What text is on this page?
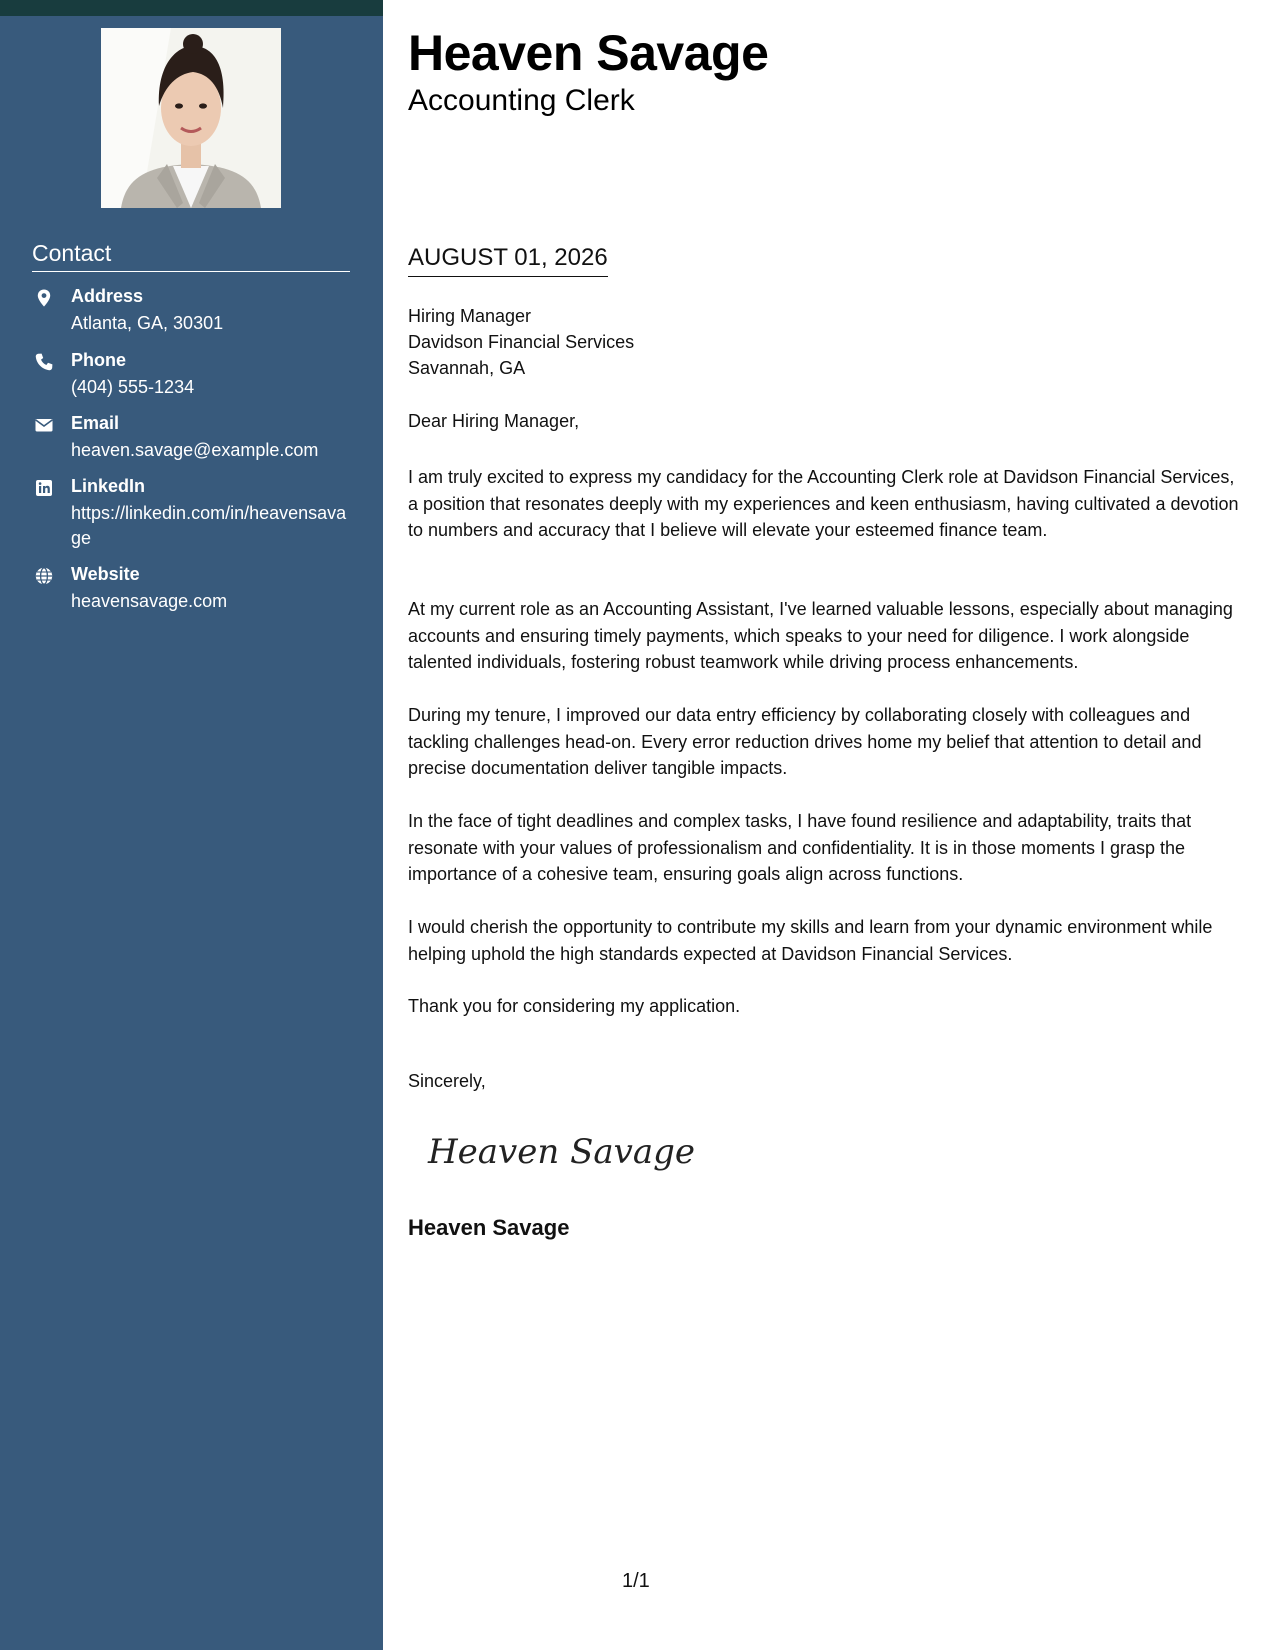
Contact
Address
Atlanta, GA, 30301
Phone
(404) 555-1234
Email
heaven.savage@example.com
LinkedIn
https://linkedin.com/in/heavensavage
Website
heavensavage.com
Heaven Savage
Accounting Clerk
AUGUST 01, 2026
Hiring Manager
Davidson Financial Services
Savannah, GA
Dear Hiring Manager,

I am truly excited to express my candidacy for the Accounting Clerk role at Davidson Financial Services, a position that resonates deeply with my experiences and keen enthusiasm, having cultivated a devotion to numbers and accuracy that I believe will elevate your esteemed finance team.

At my current role as an Accounting Assistant, I've learned valuable lessons, especially about managing accounts and ensuring timely payments, which speaks to your need for diligence. I work alongside talented individuals, fostering robust teamwork while driving process enhancements.

During my tenure, I improved our data entry efficiency by collaborating closely with colleagues and tackling challenges head-on. Every error reduction drives home my belief that attention to detail and precise documentation deliver tangible impacts.

In the face of tight deadlines and complex tasks, I have found resilience and adaptability, traits that resonate with your values of professionalism and confidentiality. It is in those moments I grasp the importance of a cohesive team, ensuring goals align across functions.

I would cherish the opportunity to contribute my skills and learn from your dynamic environment while helping uphold the high standards expected at Davidson Financial Services.

Thank you for considering my application.

Sincerely,
Heaven Savage
Heaven Savage
1/1
